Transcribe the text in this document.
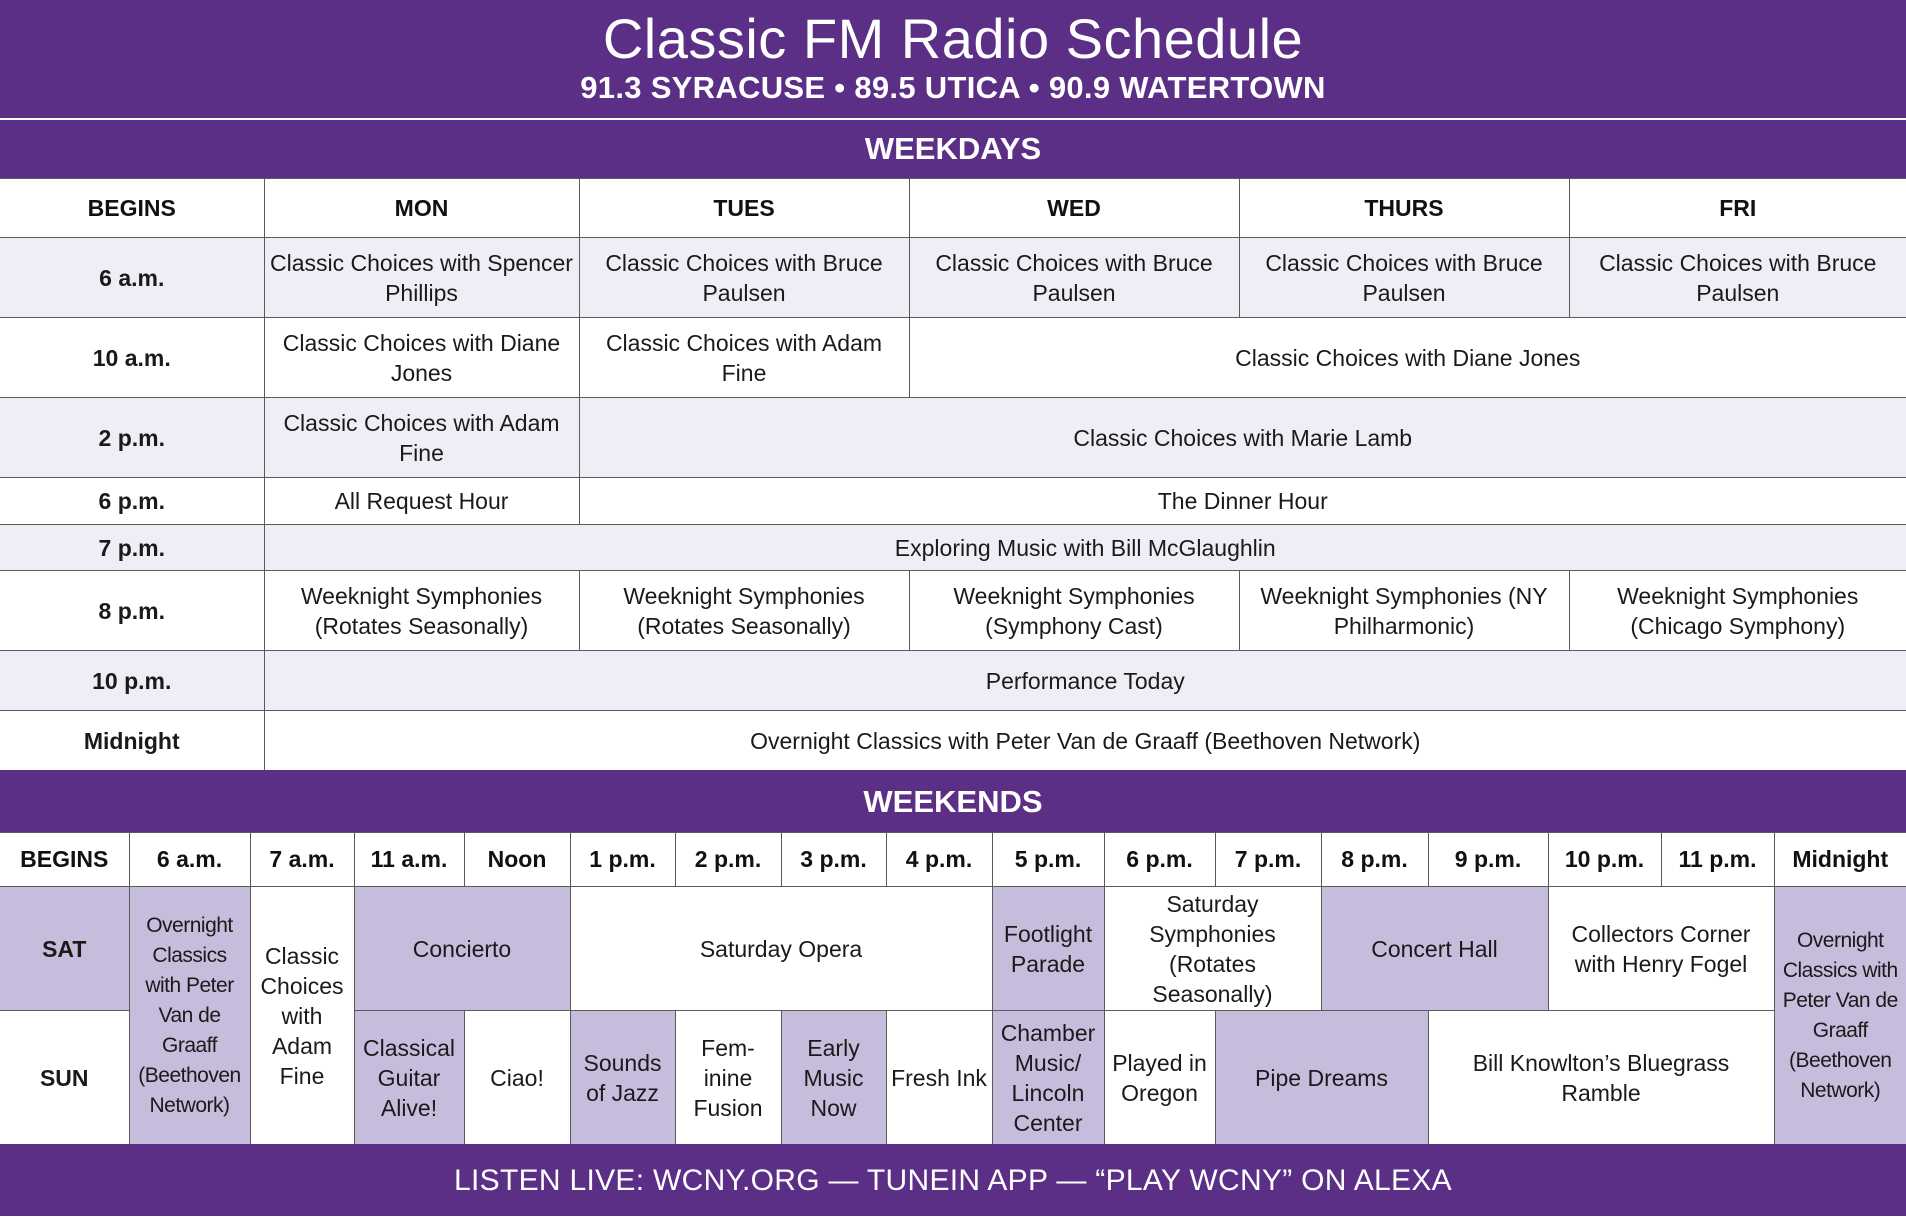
Classic FM Radio Schedule
91.3 SYRACUSE • 89.5 UTICA • 90.9 WATERTOWN
WEEKDAYS
BEGINS	MON	TUES	WED	THURS	FRI
6 a.m.	Classic Choices with Spencer Phillips	Classic Choices with Bruce Paulsen	Classic Choices with Bruce Paulsen	Classic Choices with Bruce Paulsen	Classic Choices with Bruce Paulsen
10 a.m.	Classic Choices with Diane Jones	Classic Choices with Adam Fine	Classic Choices with Diane Jones		
2 p.m.	Classic Choices with Adam Fine	Classic Choices with Marie Lamb			
6 p.m.	All Request Hour	The Dinner Hour			
7 p.m.	Exploring Music with Bill McGlaughlin				
8 p.m.	Weeknight Symphonies (Rotates Seasonally)	Weeknight Symphonies (Rotates Seasonally)	Weeknight Symphonies (Symphony Cast)	Weeknight Symphonies (NY Philharmonic)	Weeknight Symphonies (Chicago Symphony)
10 p.m.	Performance Today				
Midnight	Overnight Classics with Peter Van de Graaff (Beethoven Network)				
WEEKENDS
BEGINS	6 a.m.	7 a.m.	11 a.m.	Noon	1 p.m.	2 p.m.	3 p.m.	4 p.m.	5 p.m.	6 p.m.	7 p.m.	8 p.m.	9 p.m.	10 p.m.	11 p.m.	Midnight
SAT	Overnight Classics with Peter Van de Graaff (Beethoven Network)	Classic Choices with Adam Fine	Concierto		Saturday Opera				Footlight Parade	Saturday Symphonies (Rotates Seasonally)		Concert Hall		Collectors Corner with Henry Fogel		Overnight Classics with Peter Van de Graaff (Beethoven Network)
SUN			Classical Guitar Alive!	Ciao!	Sounds of Jazz	Fem-inine Fusion	Early Music Now	Fresh Ink	Chamber Music/ Lincoln Center	Played in Oregon	Pipe Dreams		Bill Knowlton’s Bluegrass Ramble			
LISTEN LIVE: WCNY.ORG — TUNEIN APP — “PLAY WCNY” ON ALEXA
